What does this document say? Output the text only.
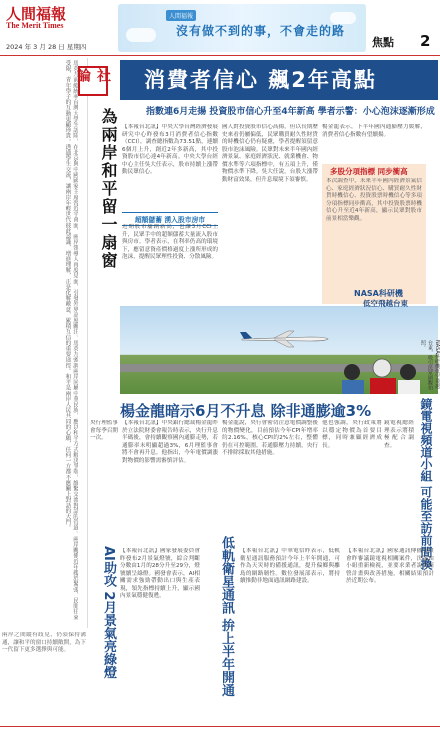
人間福報
The Merit Times
2024 年 3 月 28 日 星期四
人間福報
沒有做不到的事，不會走的路
焦點 2
馬英九前總統率台灣大學生訪陸，在北京與中國國家主席習近平會面，兩岸領導人再度見面，引發外界高度關注。馬英九強調兩岸同屬中華民族，應以和平方式解決爭端，維繫交流對話的管道。兩岸關係近年趨於緊張，民間往來受限，青年學子的互動更顯珍貴。透過學生交流，讓兩岸年輕世代彼此認識、增進理解，正是化解敵意、累積互信的重要途徑。和平是兩岸人民共同的心願，任何一方都不應關上對話的大門。	社論
為兩岸和平留一扇窗
兩岸之間縱有歧見，仍須保持溝通，讓和平的窗口持續敞開，為下一代留下更多選擇與可能。
消費者信心 飆2年高點
指數連6月走揚 投資股市信心升至4年新高 學者示警：小心泡沫逐漸形成
【本報台北訊】中央大學台灣經濟發展研究中心昨發布3月消費者信心指數（CCI），調查總指數為73.51點，連續6個月上升，創近2年多新高，其中投資股市信心達4年新高。中央大學台經中心主任吳大任表示，股市持續上漲帶動民眾信心。
國人對投資股市信心高揚，但以長期歷史來看仍屬偏低，民眾購買耐久性財貨的時機信心仍有疑慮，學者提醒須留意股市泡沫風險。民眾對未來半年國內經濟景氣、家庭經濟狀況、就業機會、物價水準等六項指標中，有五項上升，僅物價水準下降。吳大任說，台股大漲帶動財富效果，但升息環境下須審慎。
楊金龍表示，下半年國內通膨壓力緩解，消費者信心指數有望續揚。
超額儲蓄 湧入股市房市
近期股市屢創新高，也讓3月CCI上升，民眾手中的超額儲蓄大量流入股市與房市。學者表示，在利率仍高的環境下，應留意資產價格過度上漲所形成的泡沫，提醒民眾理性投資、分散風險。
多股分項指標 同步衝高
本次調查中，未來半年國內經濟景氣信心、家庭經濟狀況信心、購買耐久性財貨時機信心、投資股票時機信心等多項分項指標同步衝高，其中投資股票時機信心升至近4年新高，顯示民眾對股市前景相當樂觀。
NASA科研機
低空飛越台東
NASA科研機低空飛越台東，吸引民眾圍觀拍照。
楊金龍暗示6月不升息 除非通膨逾3%
央行理監事會每季召開一次。
【本報台北訊】中央銀行總裁楊金龍昨於立法院財委會報告時表示，央行升息半碼後，會持續觀察國內通膨走勢，若通膨率未明顯超過3%，6月理監事會將不會再升息。他指出，今年電價調漲對物價的影響需審慎評估。
楊金龍說，央行會密切注意電價調整後的物價變化，目前預估今年CPI年增率約2.16%，核心CPI約2%左右，整體仍在可控範圍。若通膨壓力持續，央行不排除採取其他措施。
他也強調，央行政策將以穩定物價為首要目標，同時兼顧經濟成長。
鏡電視總經理表示將積極配合調查。
AI助攻 2月景氣亮綠燈 【本報台北訊】國家發展委員會昨發布2月景氣燈號，綜合判斷分數由1月的28分升至29分，燈號續呈綠燈。國發會表示，AI相關需求強勁帶動出口與生產表現，領先指標持續上升，顯示國內景氣穩健復甦。	低軌衛星通訊 拚上半年開通	【本報台北訊】中華電信昨表示，低軌衛星通訊服務預計今年上半年開通，可作為天災時的備援通訊，提升偏鄉與離島的網路韌性。數位發展部表示，將持續推動非地面通訊網路建設。
鏡電視頻道小組 可能至訪前間換
【本報台北訊】國家通訊傳播委員會昨審議鏡電視相關案件，決議由小組重新檢視，並要求業者說明經營計畫與改善措施，相關結果預計於近期公布。
